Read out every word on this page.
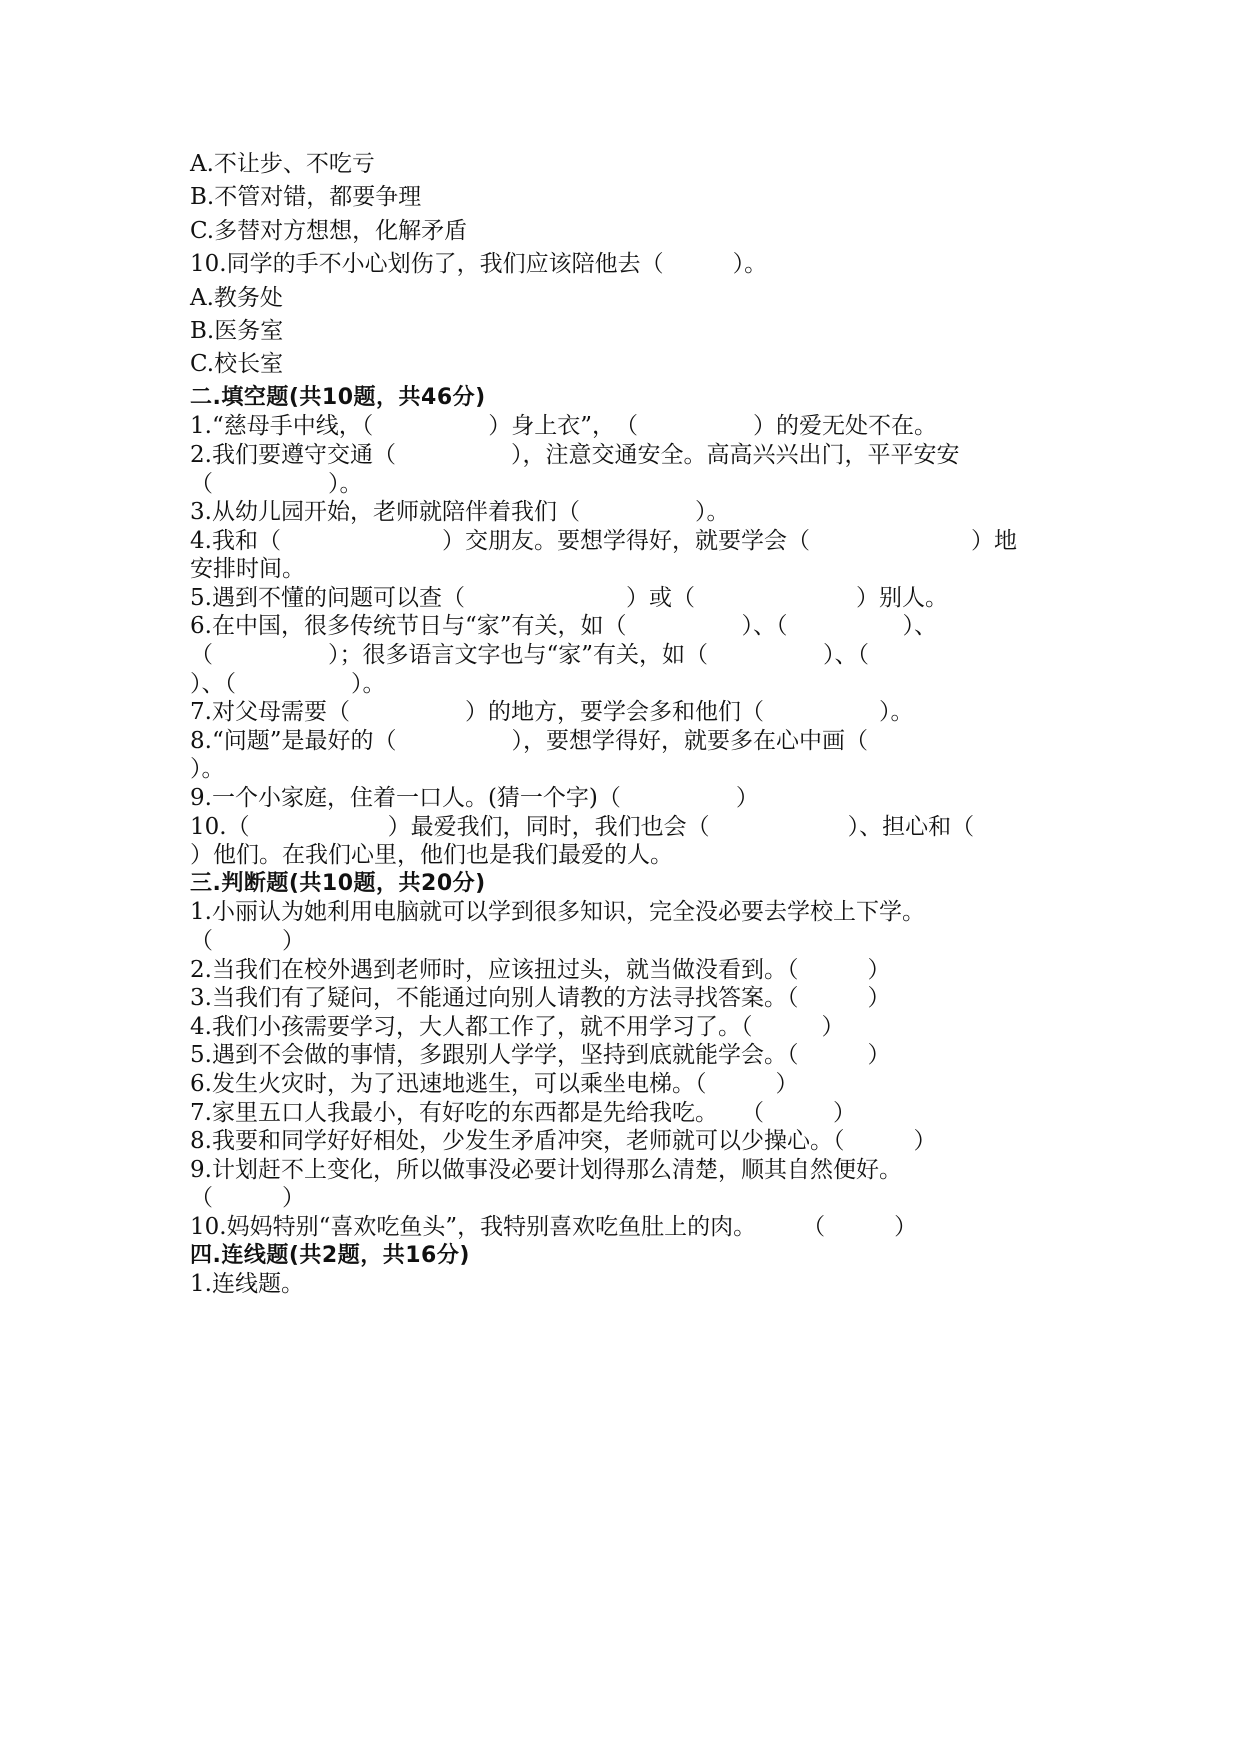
A.不让步、不吃亏
B.不管对错，都要争理
C.多替对方想想，化解矛盾
10.同学的手不小心划伤了，我们应该陪他去（　　　）。
A.教务处
B.医务室
C.校长室
二.填空题(共10题，共46分)
1.“慈母手中线，（　　　　　）身上衣”，　（　　　　　）的爱无处不在。
2.我们要遵守交通（　　　　　），注意交通安全。高高兴兴出门，平平安安
（　　　　　）。
3.从幼儿园开始，老师就陪伴着我们（　　　　　）。
4.我和（　　　　　　　）交朋友。要想学得好，就要学会（　　　　　　　）地
安排时间。
5.遇到不懂的问题可以查（　　　　　　　）或（　　　　　　　）别人。
6.在中国，很多传统节日与“家”有关，如（　　　　　）、（　　　　　）、
（　　　　　）；很多语言文字也与“家”有关，如（　　　　　）、（
）、（　　　　　）。
7.对父母需要（　　　　　）的地方，要学会多和他们（　　　　　）。
8.“问题”是最好的（　　　　　），要想学得好，就要多在心中画（
）。
9.一个小家庭，住着一口人。(猜一个字)（　　　　　）
10.（　　　　　　）最爱我们，同时，我们也会（　　　　　　）、担心和（
）他们。在我们心里，他们也是我们最爱的人。
三.判断题(共10题，共20分)
1.小丽认为她利用电脑就可以学到很多知识，完全没必要去学校上下学。
（　　　）
2.当我们在校外遇到老师时，应该扭过头，就当做没看到。（　　　）
3.当我们有了疑问，不能通过向别人请教的方法寻找答案。（　　　）
4.我们小孩需要学习，大人都工作了，就不用学习了。（　　　）
5.遇到不会做的事情，多跟别人学学，坚持到底就能学会。（　　　）
6.发生火灾时，为了迅速地逃生，可以乘坐电梯。（　　　）
7.家里五口人我最小，有好吃的东西都是先给我吃。　　（　　　）
8.我要和同学好好相处，少发生矛盾冲突，老师就可以少操心。（　　　）
9.计划赶不上变化，所以做事没必要计划得那么清楚，顺其自然便好。
（　　　）
10.妈妈特别“喜欢吃鱼头”，我特别喜欢吃鱼肚上的肉。　　　（　　　）
四.连线题(共2题，共16分)
1.连线题。
